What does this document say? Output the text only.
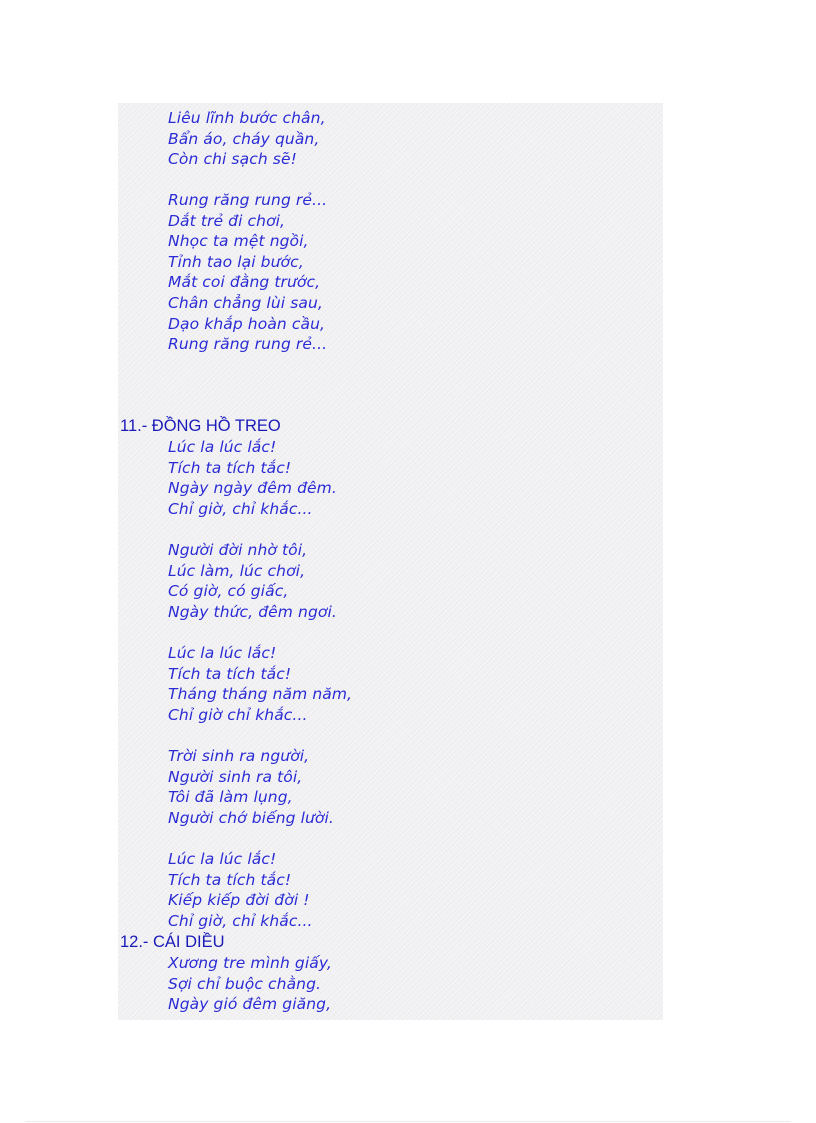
Liêu lĩnh bước chân,
Bẩn áo, cháy quần,
Còn chi sạch sẽ!
Rung răng rung rẻ...
Dắt trẻ đi chơi,
Nhọc ta mệt ngồi,
Tỉnh tao lại bước,
Mắt coi đằng trước,
Chân chẳng lùi sau,
Dạo khắp hoàn cầu,
Rung răng rung rẻ...
11.- ĐỒNG HỒ TREO
Lúc la lúc lắc!
Tích ta tích tắc!
Ngày ngày đêm đêm.
Chỉ giờ, chỉ khắc...
Người đời nhờ tôi,
Lúc làm, lúc chơi,
Có giờ, có giấc,
Ngày thức, đêm ngơi.
Lúc la lúc lắc!
Tích ta tích tắc!
Tháng tháng năm năm,
Chỉ giờ chỉ khắc...
Trời sinh ra người,
Người sinh ra tôi,
Tôi đã làm lụng,
Người chớ biếng lười.
Lúc la lúc lắc!
Tích ta tích tắc!
Kiếp kiếp đời đời !
Chỉ giờ, chỉ khắc...
12.- CÁI DIỀU
Xương tre mình giấy,
Sợi chỉ buộc chằng.
Ngày gió đêm giăng,
